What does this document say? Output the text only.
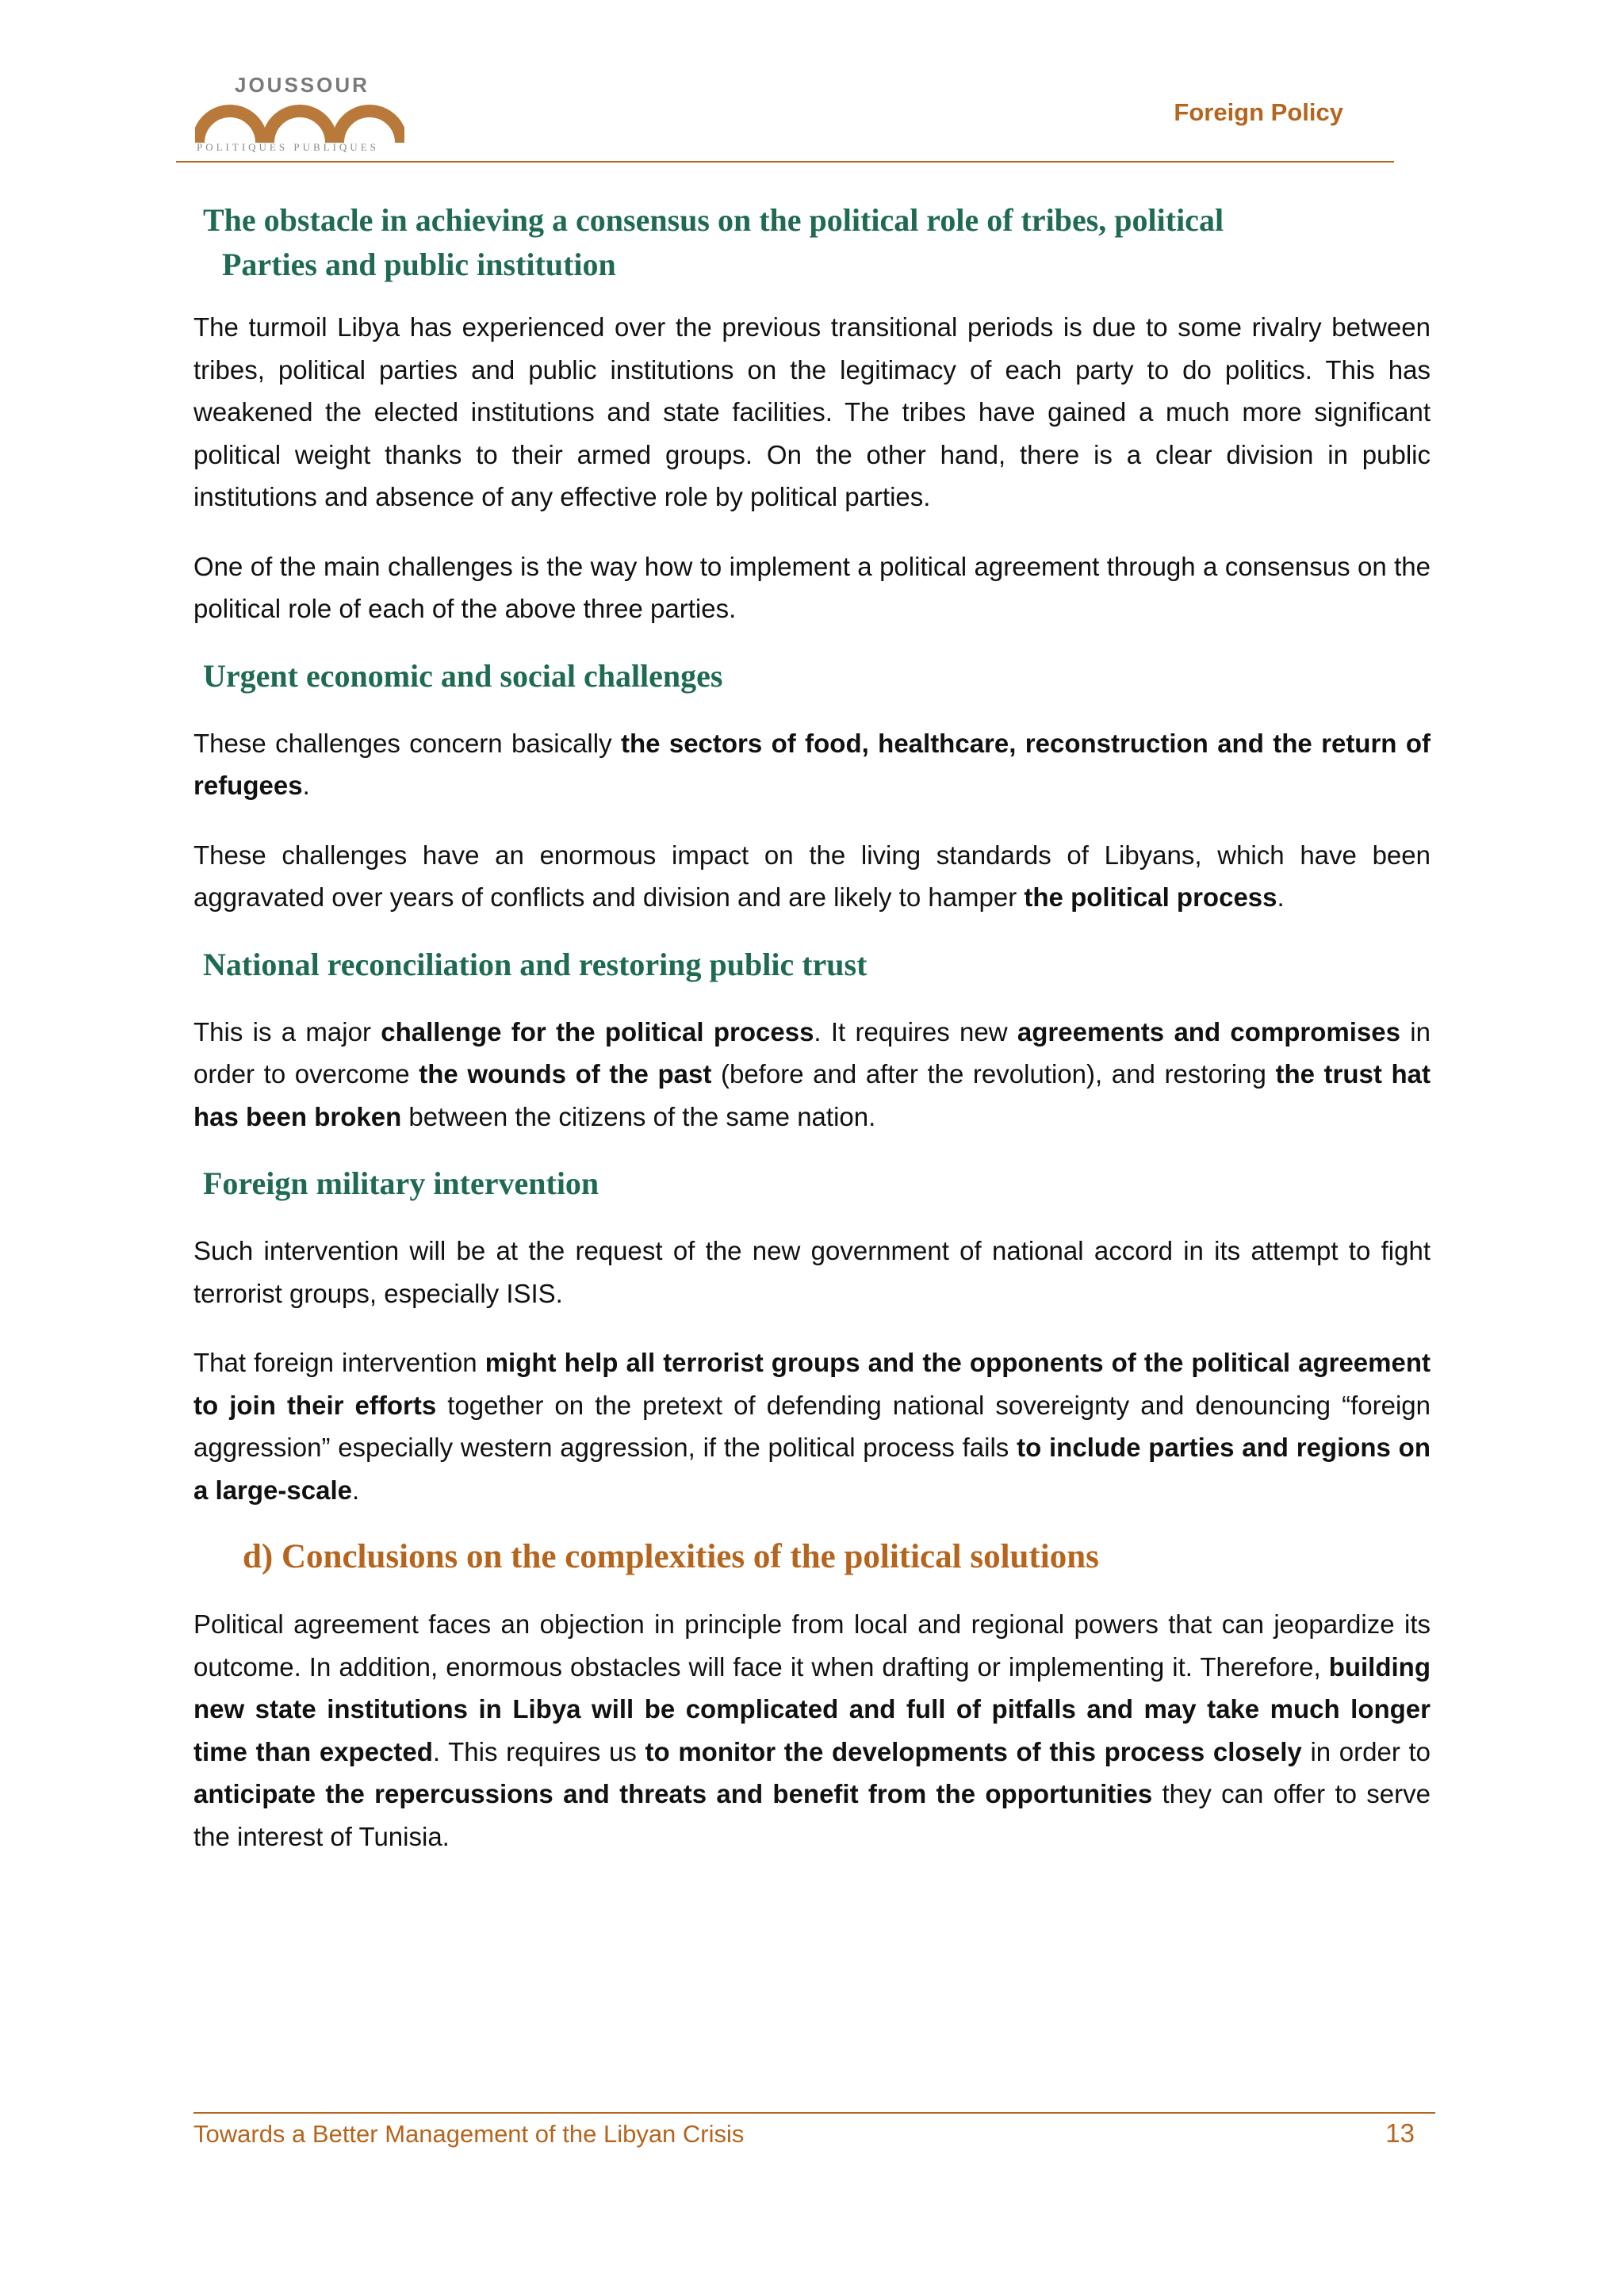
JOUSSOUR
POLITIQUES PUBLIQUES
Foreign Policy
The obstacle in achieving a consensus on the political role of tribes, political
Parties and public institution

The turmoil Libya has experienced over the previous transitional periods is due to some rivalry between tribes, political parties and public institutions on the legitimacy of each party to do politics. This has weakened the elected institutions and state facilities. The tribes have gained a much more significant political weight thanks to their armed groups. On the other hand, there is a clear division in public institutions and absence of any effective role by political parties.

One of the main challenges is the way how to implement a political agreement through a consensus on the political role of each of the above three parties.

Urgent economic and social challenges

These challenges concern basically the sectors of food, healthcare, reconstruction and the return of refugees.

These challenges have an enormous impact on the living standards of Libyans, which have been aggravated over years of conflicts and division and are likely to hamper the political process.

National reconciliation and restoring public trust

This is a major challenge for the political process. It requires new agreements and compromises in order to overcome the wounds of the past (before and after the revolution), and restoring the trust hat has been broken between the citizens of the same nation.

Foreign military intervention

Such intervention will be at the request of the new government of national accord in its attempt to fight terrorist groups, especially ISIS.

That foreign intervention might help all terrorist groups and the opponents of the political agreement to join their efforts together on the pretext of defending national sovereignty and denouncing “foreign aggression” especially western aggression, if the political process fails to include parties and regions on a large-scale.

d) Conclusions on the complexities of the political solutions

Political agreement faces an objection in principle from local and regional powers that can jeopardize its outcome. In addition, enormous obstacles will face it when drafting or implementing it. Therefore, building new state institutions in Libya will be complicated and full of pitfalls and may take much longer time than expected. This requires us to monitor the developments of this process closely in order to anticipate the repercussions and threats and benefit from the opportunities they can offer to serve the interest of Tunisia.

Towards a Better Management of the Libyan Crisis	13
